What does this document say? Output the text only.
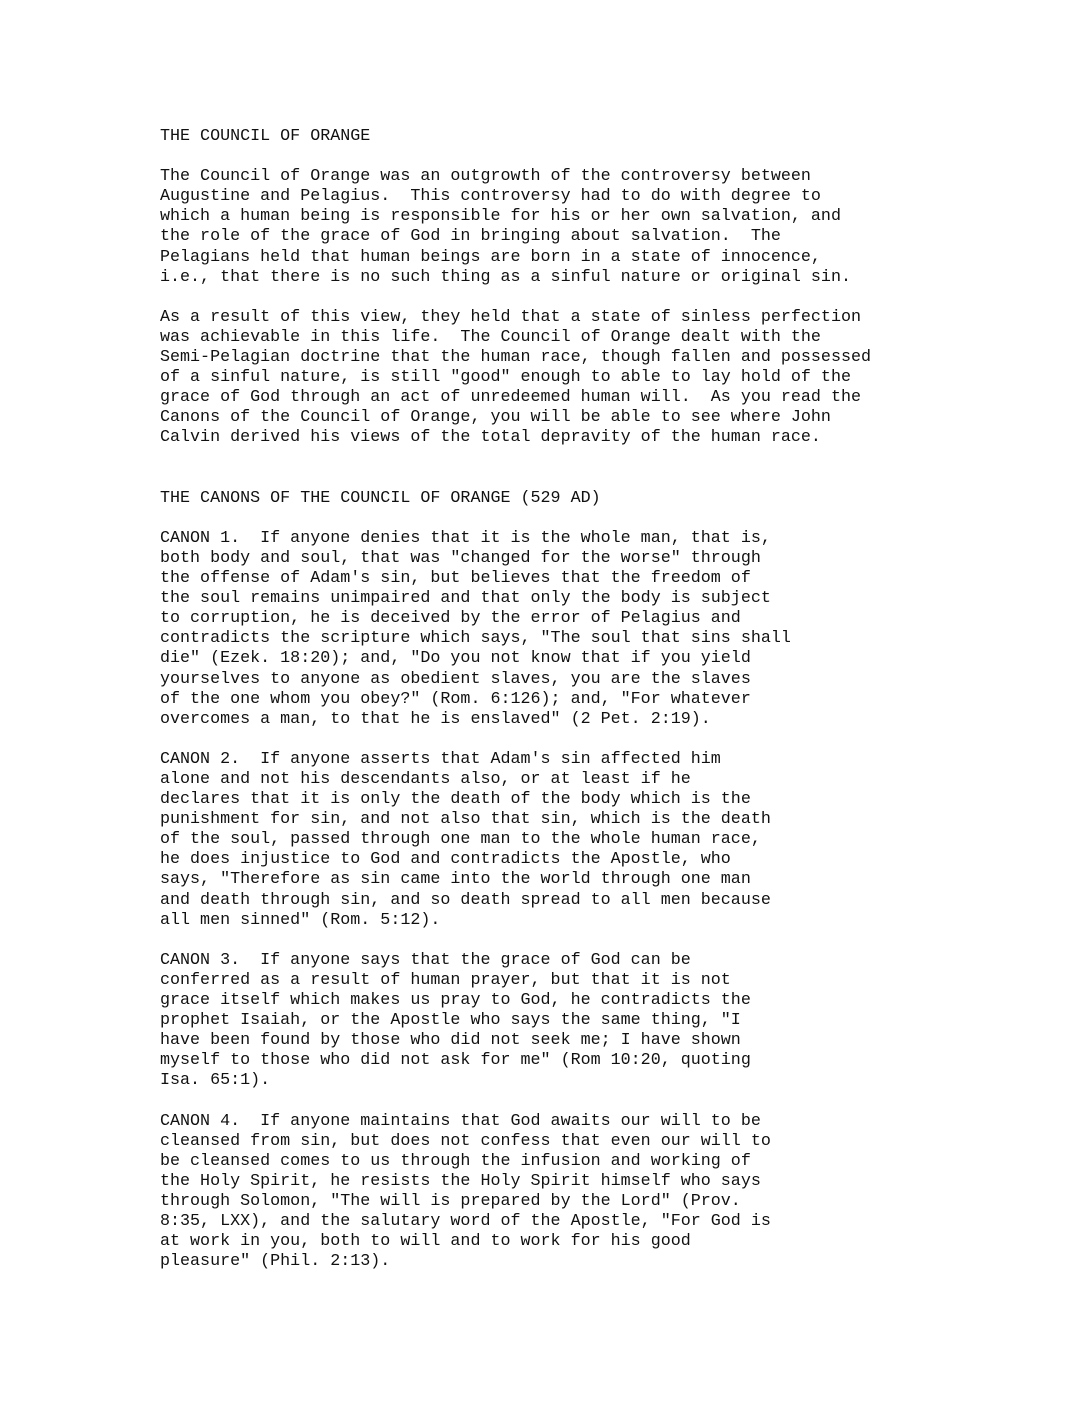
THE COUNCIL OF ORANGE
The Council of Orange was an outgrowth of the controversy between
Augustine and Pelagius.  This controversy had to do with degree to
which a human being is responsible for his or her own salvation, and
the role of the grace of God in bringing about salvation.  The
Pelagians held that human beings are born in a state of innocence,
i.e., that there is no such thing as a sinful nature or original sin.
As a result of this view, they held that a state of sinless perfection
was achievable in this life.  The Council of Orange dealt with the
Semi-Pelagian doctrine that the human race, though fallen and possessed
of a sinful nature, is still "good" enough to able to lay hold of the
grace of God through an act of unredeemed human will.  As you read the
Canons of the Council of Orange, you will be able to see where John
Calvin derived his views of the total depravity of the human race.
THE CANONS OF THE COUNCIL OF ORANGE (529 AD)
CANON 1.  If anyone denies that it is the whole man, that is,
both body and soul, that was "changed for the worse" through
the offense of Adam's sin, but believes that the freedom of
the soul remains unimpaired and that only the body is subject
to corruption, he is deceived by the error of Pelagius and
contradicts the scripture which says, "The soul that sins shall
die" (Ezek. 18:20); and, "Do you not know that if you yield
yourselves to anyone as obedient slaves, you are the slaves
of the one whom you obey?" (Rom. 6:126); and, "For whatever
overcomes a man, to that he is enslaved" (2 Pet. 2:19).
CANON 2.  If anyone asserts that Adam's sin affected him
alone and not his descendants also, or at least if he
declares that it is only the death of the body which is the
punishment for sin, and not also that sin, which is the death
of the soul, passed through one man to the whole human race,
he does injustice to God and contradicts the Apostle, who
says, "Therefore as sin came into the world through one man
and death through sin, and so death spread to all men because
all men sinned" (Rom. 5:12).
CANON 3.  If anyone says that the grace of God can be
conferred as a result of human prayer, but that it is not
grace itself which makes us pray to God, he contradicts the
prophet Isaiah, or the Apostle who says the same thing, "I
have been found by those who did not seek me; I have shown
myself to those who did not ask for me" (Rom 10:20, quoting
Isa. 65:1).
CANON 4.  If anyone maintains that God awaits our will to be
cleansed from sin, but does not confess that even our will to
be cleansed comes to us through the infusion and working of
the Holy Spirit, he resists the Holy Spirit himself who says
through Solomon, "The will is prepared by the Lord" (Prov.
8:35, LXX), and the salutary word of the Apostle, "For God is
at work in you, both to will and to work for his good
pleasure" (Phil. 2:13).
